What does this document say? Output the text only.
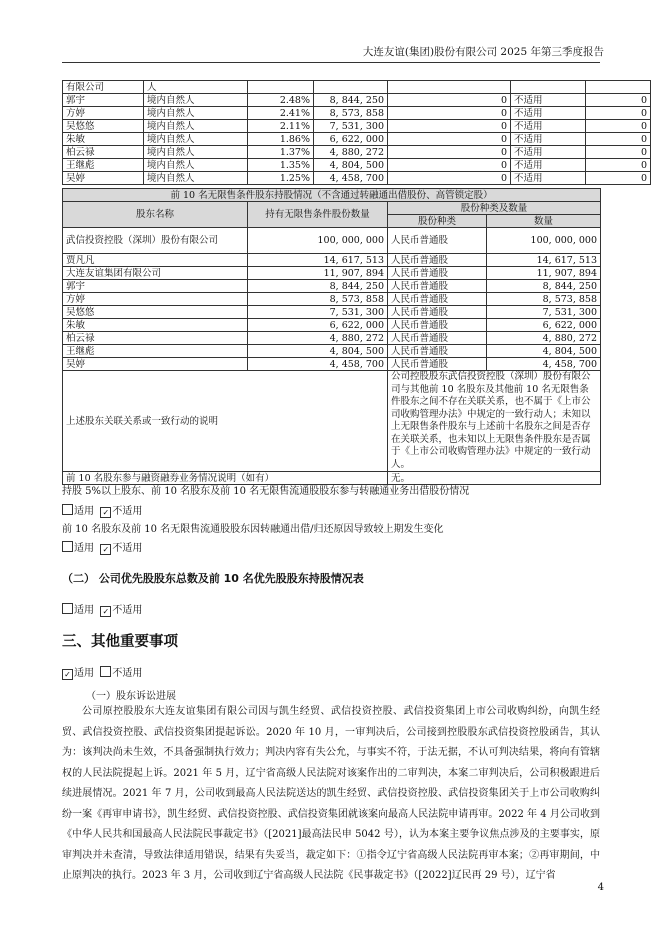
大连友谊(集团)股份有限公司 2025 年第三季度报告
有限公司	人					
郭宇	境内自然人	2.48%	8, 844, 250	0	不适用	0
方婷	境内自然人	2.41%	8, 573, 858	0	不适用	0
吴悠悠	境内自然人	2.11%	7, 531, 300	0	不适用	0
朱敏	境内自然人	1.86%	6, 622, 000	0	不适用	0
柏云禄	境内自然人	1.37%	4, 880, 272	0	不适用	0
王继彪	境内自然人	1.35%	4, 804, 500	0	不适用	0
吴婷	境内自然人	1.25%	4, 458, 700	0	不适用	0
前 10 名无限售条件股东持股情况（不含通过转融通出借股份、高管锁定股）			
股东名称	持有无限售条件股份数量	股份种类及数量	
		股份种类	数量
武信投资控股（深圳）股份有限公司	100, 000, 000	人民币普通股	100, 000, 000
贾凡凡	14, 617, 513	人民币普通股	14, 617, 513
大连友谊集团有限公司	11, 907, 894	人民币普通股	11, 907, 894
郭宇	8, 844, 250	人民币普通股	8, 844, 250
方婷	8, 573, 858	人民币普通股	8, 573, 858
吴悠悠	7, 531, 300	人民币普通股	7, 531, 300
朱敏	6, 622, 000	人民币普通股	6, 622, 000
柏云禄	4, 880, 272	人民币普通股	4, 880, 272
王继彪	4, 804, 500	人民币普通股	4, 804, 500
吴婷	4, 458, 700	人民币普通股	4, 458, 700
上述股东关联关系或一致行动的说明		公司控股股东武信投资控股（深圳）股份有限公司与其他前 10 名股东及其他前 10 名无限售条件股东之间不存在关联关系，也不属于《上市公司收购管理办法》中规定的一致行动人；未知以上无限售条件股东与上述前十名股东之间是否存在关联关系，也未知以上无限售条件股东是否属于《上市公司收购管理办法》中规定的一致行动人。	
前 10 名股东参与融资融券业务情况说明（如有）		无。	
持股 5%以上股东、前 10 名股东及前 10 名无限售流通股股东参与转融通业务出借股份情况
适用 ✓ 不适用
前 10 名股东及前 10 名无限售流通股股东因转融通出借/归还原因导致较上期发生变化
适用 ✓ 不适用
（二） 公司优先股股东总数及前 10 名优先股股东持股情况表
适用 ✓ 不适用
三、其他重要事项
✓ 适用 不适用
（一）股东诉讼进展
公司原控股股东大连友谊集团有限公司因与凯生经贸、武信投资控股、武信投资集团上市公司收购纠纷，向凯生经贸、武信投资控股、武信投资集团提起诉讼。2020 年 10 月，一审判决后，公司接到控股股东武信投资控股函告，其认为：该判决尚未生效，不具备强制执行效力；判决内容有失公允，与事实不符，于法无据，不认可判决结果，将向有管辖权的人民法院提起上诉。2021 年 5 月，辽宁省高级人民法院对该案作出的二审判决，本案二审判决后，公司积极跟进后续进展情况。2021 年 7 月，公司收到最高人民法院送达的凯生经贸、武信投资控股、武信投资集团关于上市公司收购纠纷一案《再审申请书》，凯生经贸、武信投资控股、武信投资集团就该案向最高人民法院申请再审。2022 年 4 月公司收到《中华人民共和国最高人民法院民事裁定书》（[2021]最高法民申 5042 号），认为本案主要争议焦点涉及的主要事实，原审判决并未查清，导致法律适用错误，结果有失妥当，裁定如下：①指令辽宁省高级人民法院再审本案；②再审期间，中止原判决的执行。2023 年 3 月，公司收到辽宁省高级人民法院《民事裁定书》（[2022]辽民再 29 号），辽宁省
4
